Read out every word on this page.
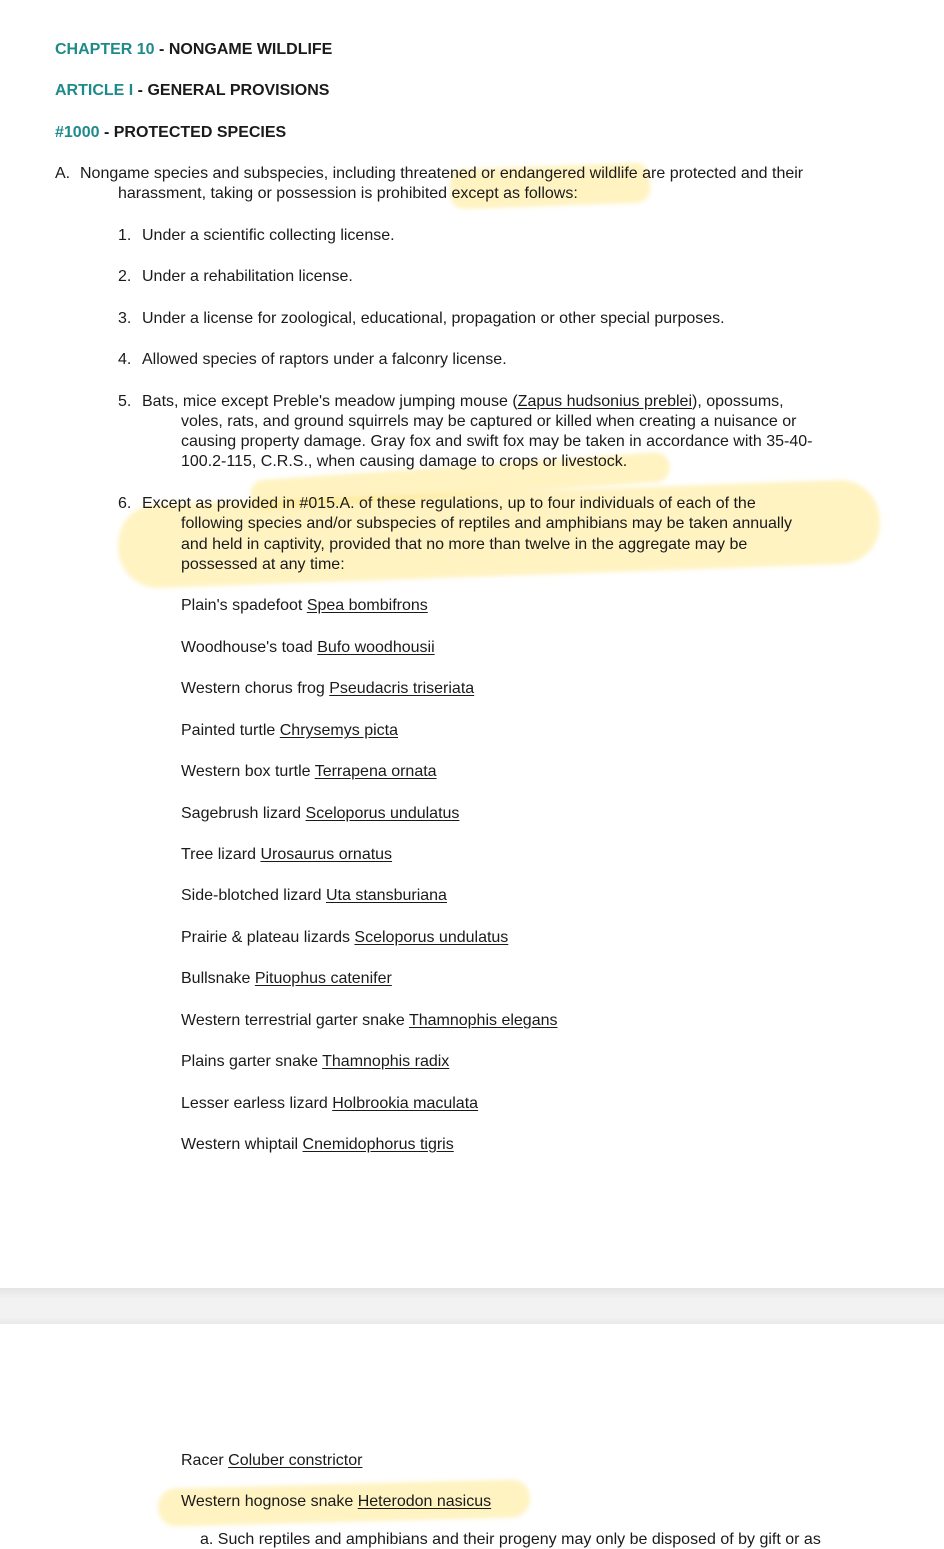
CHAPTER 10 - NONGAME WILDLIFE
ARTICLE I - GENERAL PROVISIONS
#1000 - PROTECTED SPECIES
A. Nongame species and subspecies, including threatened or endangered wildlife are protected and their
harassment, taking or possession is prohibited except as follows:
1. Under a scientific collecting license.
2. Under a rehabilitation license.
3. Under a license for zoological, educational, propagation or other special purposes.
4. Allowed species of raptors under a falconry license.
5. Bats, mice except Preble's meadow jumping mouse (Zapus hudsonius preblei), opossums,
voles, rats, and ground squirrels may be captured or killed when creating a nuisance or
causing property damage. Gray fox and swift fox may be taken in accordance with 35-40-
100.2-115, C.R.S., when causing damage to crops or livestock.
6. Except as provided in #015.A. of these regulations, up to four individuals of each of the
following species and/or subspecies of reptiles and amphibians may be taken annually
and held in captivity, provided that no more than twelve in the aggregate may be
possessed at any time:
Plain's spadefoot Spea bombifrons
Woodhouse's toad Bufo woodhousii
Western chorus frog Pseudacris triseriata
Painted turtle Chrysemys picta
Western box turtle Terrapena ornata
Sagebrush lizard Sceloporus undulatus
Tree lizard Urosaurus ornatus
Side-blotched lizard Uta stansburiana
Prairie & plateau lizards Sceloporus undulatus
Bullsnake Pituophus catenifer
Western terrestrial garter snake Thamnophis elegans
Plains garter snake Thamnophis radix
Lesser earless lizard Holbrookia maculata
Western whiptail Cnemidophorus tigris
Racer Coluber constrictor
Western hognose snake Heterodon nasicus
a. Such reptiles and amphibians and their progeny may only be disposed of by gift or as
